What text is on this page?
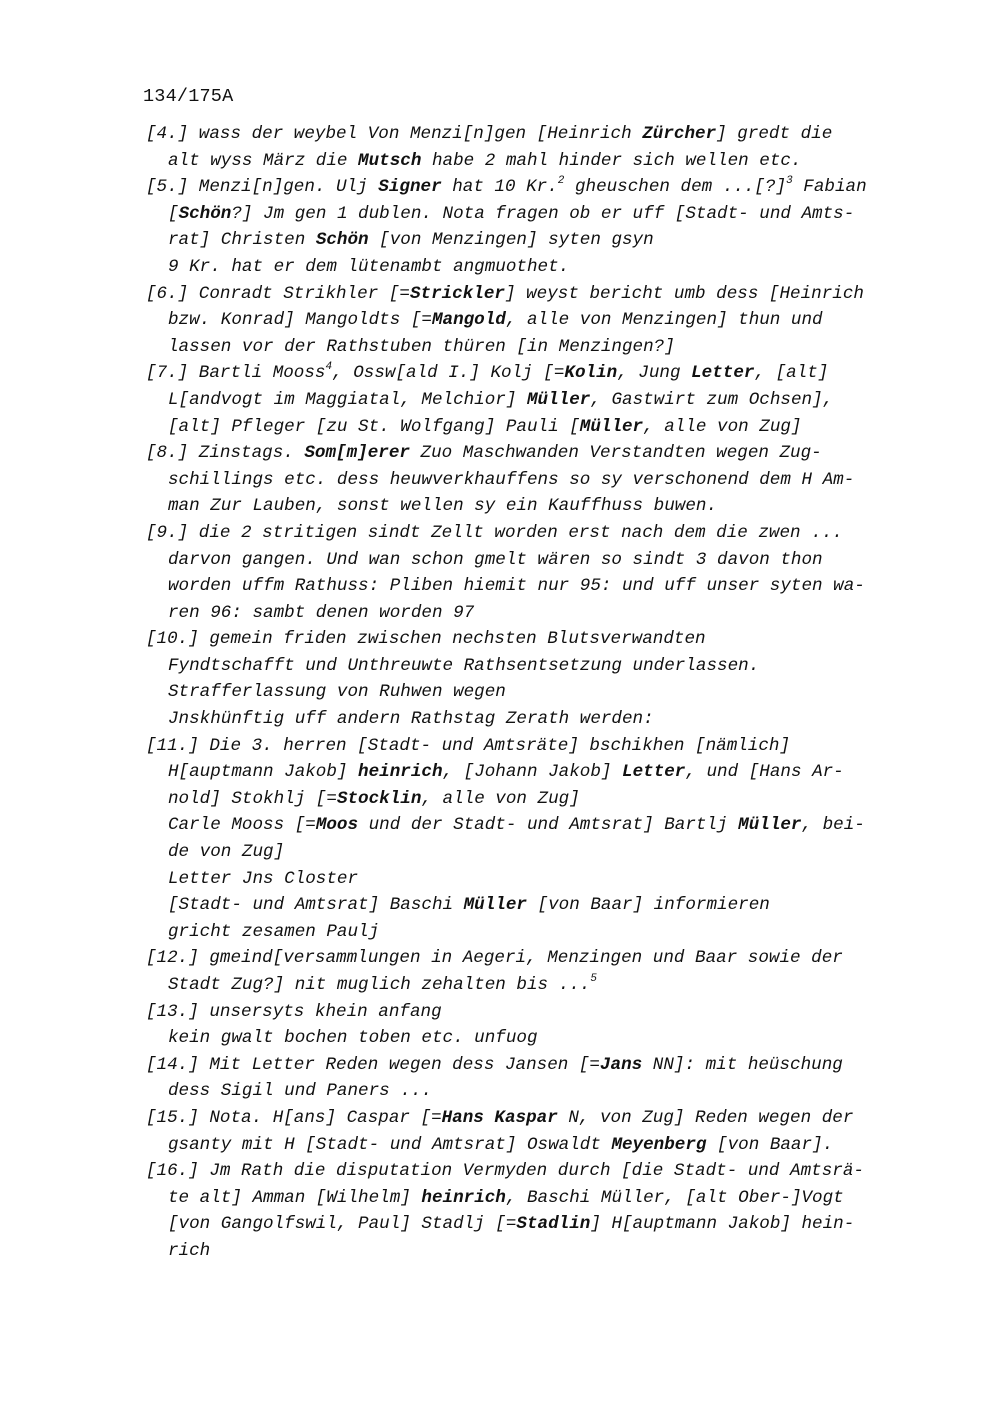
134/175A
[4.] wass der weybel Von Menzi[n]gen [Heinrich Zürcher] gredt die
alt wyss März die Mutsch habe 2 mahl hinder sich wellen etc.
[5.] Menzi[n]gen. Ulj Signer hat 10 Kr.$^2$ gheuschen dem ...[?]$^3$ Fabian
[Schön?] Jm gen 1 dublen. Nota fragen ob er uff [Stadt- und Amts-
rat] Christen Schön [von Menzingen] syten gsyn
9 Kr. hat er dem lütenambt angmuothet.
[6.] Conradt Strikhler [=Strickler] weyst bericht umb dess [Heinrich
bzw. Konrad] Mangoldts [=Mangold, alle von Menzingen] thun und
lassen vor der Rathstuben thüren [in Menzingen?]
[7.] Bartli Mooss$^4$, Ossw[ald I.] Kolj [=Kolin, Jung Letter, [alt]
L[andvogt im Maggiatal, Melchior] Müller, Gastwirt zum Ochsen],
[alt] Pfleger [zu St. Wolfgang] Pauli [Müller, alle von Zug]
[8.] Zinstags. Som[m]erer Zuo Maschwanden Verstandten wegen Zug-
schillings etc. dess heuwverkhauffens so sy verschonend dem H Am-
man Zur Lauben, sonst wellen sy ein Kauffhuss buwen.
[9.] die 2 stritigen sindt Zellt worden erst nach dem die zwen ...
darvon gangen. Und wan schon gmelt wären so sindt 3 davon thon
worden uffm Rathuss: Pliben hiemit nur 95: und uff unser syten wa-
ren 96: sambt denen worden 97
[10.] gemein friden zwischen nechsten Blutsverwandten
Fyndtschafft und Unthreuwte Rathsentsetzung underlassen.
Strafferlassung von Ruhwen wegen
Jnskhünftig uff andern Rathstag Zerath werden:
[11.] Die 3. herren [Stadt- und Amtsräte] bschikhen [nämlich]
H[auptmann Jakob] heinrich, [Johann Jakob] Letter, und [Hans Ar-
nold] Stokhlj [=Stocklin, alle von Zug]
Carle Mooss [=Moos und der Stadt- und Amtsrat] Bartlj Müller, bei-
de von Zug]
Letter Jns Closter
[Stadt- und Amtsrat] Baschi Müller [von Baar] informieren
gricht zesamen Paulj
[12.] gmeind[versammlungen in Aegeri, Menzingen und Baar sowie der
Stadt Zug?] nit muglich zehalten bis ...$^5$
[13.] unsersyts khein anfang
kein gwalt bochen toben etc. unfuog
[14.] Mit Letter Reden wegen dess Jansen [=Jans NN]: mit heüschung
dess Sigil und Paners ...
[15.] Nota. H[ans] Caspar [=Hans Kaspar N, von Zug] Reden wegen der
gsanty mit H [Stadt- und Amtsrat] Oswaldt Meyenberg [von Baar].
[16.] Jm Rath die disputation Vermyden durch [die Stadt- und Amtsrä-
te alt] Amman [Wilhelm] heinrich, Baschi Müller, [alt Ober-]Vogt
[von Gangolfswil, Paul] Stadlj [=Stadlin] H[auptmann Jakob] hein-
rich
